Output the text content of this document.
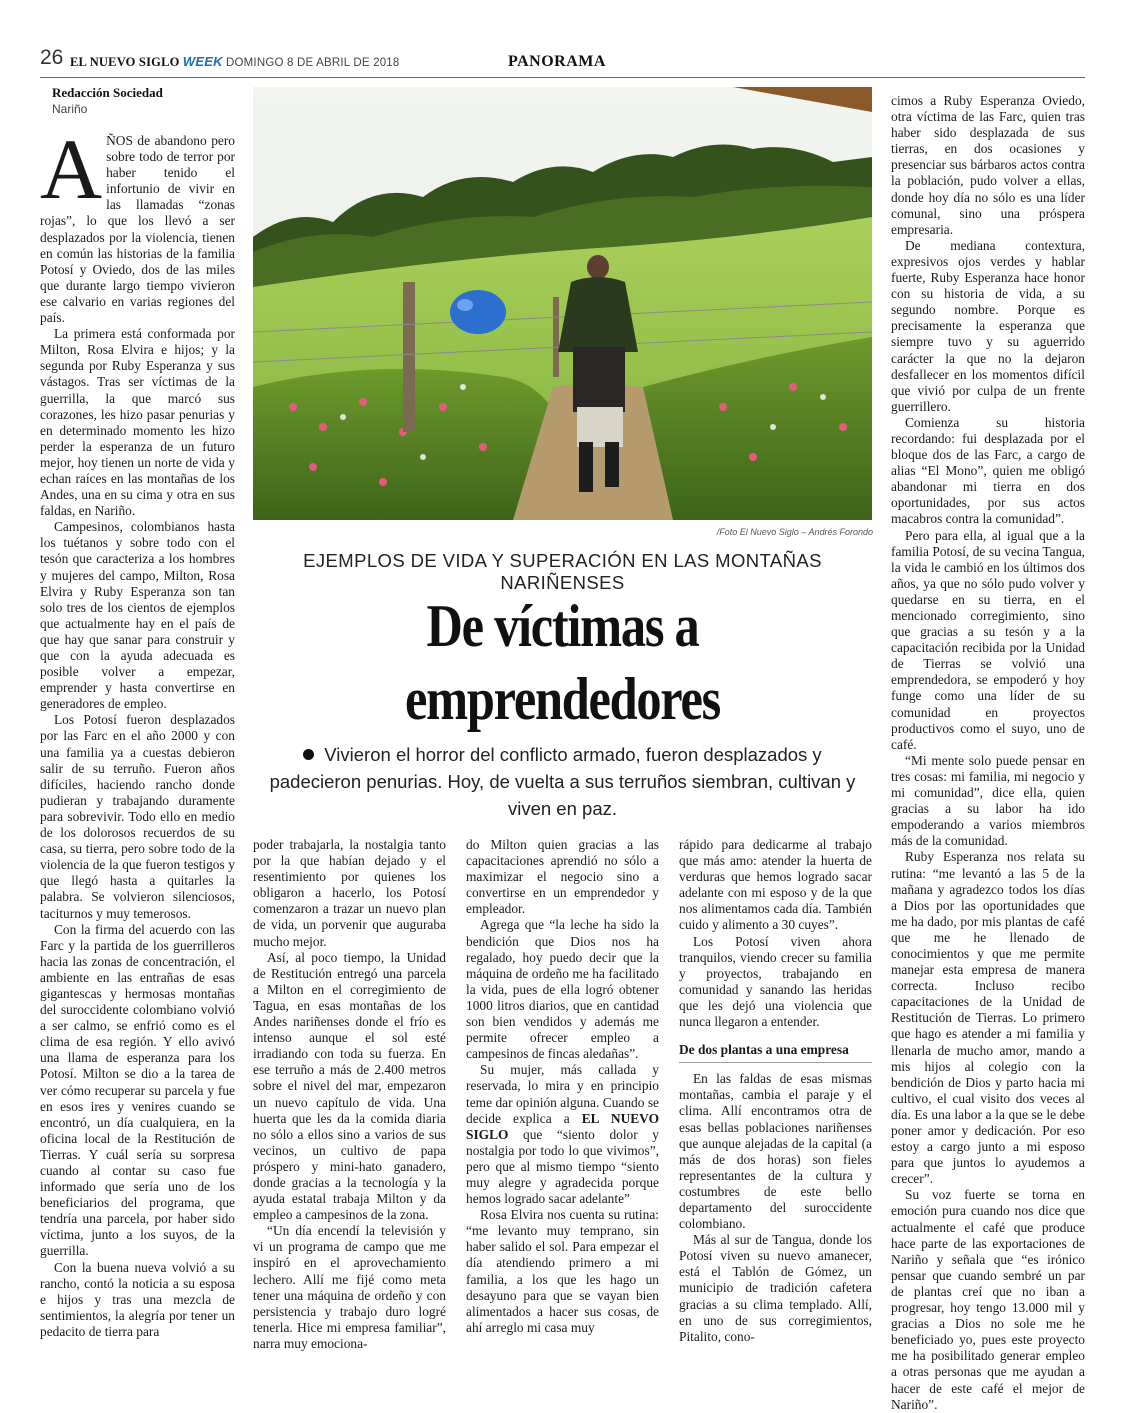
26 EL NUEVO SIGLO WEEK DOMINGO 8 DE ABRIL DE 2018	PANORAMA
Redacción Sociedad
Nariño

AÑOS de abandono pero sobre todo de terror por haber tenido el infortunio de vivir en las llamadas “zonas rojas”, lo que los llevó a ser desplazados por la violencia, tienen en común las historias de la familia Potosí y Oviedo, dos de las miles que durante largo tiempo vivieron ese calvario en varias regiones del país.

La primera está conformada por Milton, Rosa Elvira e hijos; y la segunda por Ruby Esperanza y sus vástagos. Tras ser víctimas de la guerrilla, la que marcó sus corazones, les hizo pasar penurias y en determinado momento les hizo perder la esperanza de un futuro mejor, hoy tienen un norte de vida y echan raíces en las montañas de los Andes, una en su cima y otra en sus faldas, en Nariño.

Campesinos, colombianos hasta los tuétanos y sobre todo con el tesón que caracteriza a los hombres y mujeres del campo, Milton, Rosa Elvira y Ruby Esperanza son tan solo tres de los cientos de ejemplos que actualmente hay en el país de que hay que sanar para construir y que con la ayuda adecuada es posible volver a empezar, emprender y hasta convertirse en generadores de empleo.

Los Potosí fueron desplazados por las Farc en el año 2000 y con una familia ya a cuestas debieron salir de su terruño. Fueron años difíciles, haciendo rancho donde pudieran y trabajando duramente para sobrevivir. Todo ello en medio de los dolorosos recuerdos de su casa, su tierra, pero sobre todo de la violencia de la que fueron testigos y que llegó hasta a quitarles la palabra. Se volvieron silenciosos, taciturnos y muy temerosos.

Con la firma del acuerdo con las Farc y la partida de los guerrilleros hacia las zonas de concentración, el ambiente en las entrañas de esas gigantescas y hermosas montañas del suroccidente colombiano volvió a ser calmo, se enfrió como es el clima de esa región. Y ello avivó una llama de esperanza para los Potosí. Milton se dio a la tarea de ver cómo recuperar su parcela y fue en esos ires y venires cuando se encontró, un día cualquiera, en la oficina local de la Restitución de Tierras. Y cuál sería su sorpresa cuando al contar su caso fue informado que sería uno de los beneficiarios del programa, que tendría una parcela, por haber sido víctima, junto a los suyos, de la guerrilla.

Con la buena nueva volvió a su rancho, contó la noticia a su esposa e hijos y tras una mezcla de sentimientos, la alegría por tener un pedacito de tierra para

/Foto El Nuevo Siglo – Andrés Forondo
EJEMPLOS DE VIDA Y SUPERACIÓN EN LAS MONTAÑAS NARIÑENSES
De víctimas a
emprendedores
Vivieron el horror del conflicto armado, fueron desplazados y padecieron penurias. Hoy, de vuelta a sus terruños siembran, cultivan y viven en paz.

poder trabajarla, la nostalgia tanto por la que habían dejado y el resentimiento por quienes los obligaron a hacerlo, los Potosí comenzaron a trazar un nuevo plan de vida, un porvenir que auguraba mucho mejor.

Así, al poco tiempo, la Unidad de Restitución entregó una parcela a Milton en el corregimiento de Tagua, en esas montañas de los Andes nariñenses donde el frío es intenso aunque el sol esté irradiando con toda su fuerza. En ese terruño a más de 2.400 metros sobre el nivel del mar, empezaron un nuevo capítulo de vida. Una huerta que les da la comida diaria no sólo a ellos sino a varios de sus vecinos, un cultivo de papa próspero y mini-hato ganadero, donde gracias a la tecnología y la ayuda estatal trabaja Milton y da empleo a campesinos de la zona.

“Un día encendí la televisión y vi un programa de campo que me inspiró en el aprovechamiento lechero. Allí me fijé como meta tener una máquina de ordeño y con persistencia y trabajo duro logré tenerla. Hice mi empresa familiar”, narra muy emociona-

do Milton quien gracias a las capacitaciones aprendió no sólo a maximizar el negocio sino a convertirse en un emprendedor y empleador.

Agrega que “la leche ha sido la bendición que Dios nos ha regalado, hoy puedo decir que la máquina de ordeño me ha facilitado la vida, pues de ella logró obtener 1000 litros diarios, que en cantidad son bien vendidos y además me permite ofrecer empleo a campesinos de fincas aledañas”.

Su mujer, más callada y reservada, lo mira y en principio teme dar opinión alguna. Cuando se decide explica a EL NUEVO SIGLO que “siento dolor y nostalgia por todo lo que vivimos”, pero que al mismo tiempo “siento muy alegre y agradecida porque hemos logrado sacar adelante”

Rosa Elvira nos cuenta su rutina: “me levanto muy temprano, sin haber salido el sol. Para empezar el día atendiendo primero a mi familia, a los que les hago un desayuno para que se vayan bien alimentados a hacer sus cosas, de ahí arreglo mi casa muy

rápido para dedicarme al trabajo que más amo: atender la huerta de verduras que hemos logrado sacar adelante con mi esposo y de la que nos alimentamos cada día. También cuido y alimento a 30 cuyes”.

Los Potosí viven ahora tranquilos, viendo crecer su familia y proyectos, trabajando en comunidad y sanando las heridas que les dejó una violencia que nunca llegaron a entender.

De dos plantas a una empresa

En las faldas de esas mismas montañas, cambia el paraje y el clima. Allí encontramos otra de esas bellas poblaciones nariñenses que aunque alejadas de la capital (a más de dos horas) son fieles representantes de la cultura y costumbres de este bello departamento del suroccidente colombiano.

Más al sur de Tangua, donde los Potosí viven su nuevo amanecer, está el Tablón de Gómez, un municipio de tradición cafetera gracias a su clima templado. Allí, en uno de sus corregimientos, Pitalito, cono-

cimos a Ruby Esperanza Oviedo, otra víctima de las Farc, quien tras haber sido desplazada de sus tierras, en dos ocasiones y presenciar sus bárbaros actos contra la población, pudo volver a ellas, donde hoy día no sólo es una líder comunal, sino una próspera empresaria.

De mediana contextura, expresivos ojos verdes y hablar fuerte, Ruby Esperanza hace honor con su historia de vida, a su segundo nombre. Porque es precisamente la esperanza que siempre tuvo y su aguerrido carácter la que no la dejaron desfallecer en los momentos difícil que vivió por culpa de un frente guerrillero.

Comienza su historia recordando: fui desplazada por el bloque dos de las Farc, a cargo de alias “El Mono”, quien me obligó abandonar mi tierra en dos oportunidades, por sus actos macabros contra la comunidad”.

Pero para ella, al igual que a la familia Potosí, de su vecina Tangua, la vida le cambió en los últimos dos años, ya que no sólo pudo volver y quedarse en su tierra, en el mencionado corregimiento, sino que gracias a su tesón y a la capacitación recibida por la Unidad de Tierras se volvió una emprendedora, se empoderó y hoy funge como una líder de su comunidad en proyectos productivos como el suyo, uno de café.

“Mi mente solo puede pensar en tres cosas: mi familia, mi negocio y mi comunidad”, dice ella, quien gracias a su labor ha ido empoderando a varios miembros más de la comunidad.

Ruby Esperanza nos relata su rutina: “me levantó a las 5 de la mañana y agradezco todos los días a Dios por las oportunidades que me ha dado, por mis plantas de café que me he llenado de conocimientos y que me permite manejar esta empresa de manera correcta. Incluso recibo capacitaciones de la Unidad de Restitución de Tierras. Lo primero que hago es atender a mi familia y llenarla de mucho amor, mando a mis hijos al colegio con la bendición de Dios y parto hacia mi cultivo, el cual visito dos veces al día. Es una labor a la que se le debe poner amor y dedicación. Por eso estoy a cargo junto a mi esposo para que juntos lo ayudemos a crecer”.

Su voz fuerte se torna en emoción pura cuando nos dice que actualmente el café que produce hace parte de las exportaciones de Nariño y señala que “es irónico pensar que cuando sembré un par de plantas creí que no iban a progresar, hoy tengo 13.000 mil y gracias a Dios no sole me he beneficiado yo, pues este proyecto me ha posibilitado generar empleo a otras personas que me ayudan a hacer de este café el mejor de Nariño”.
